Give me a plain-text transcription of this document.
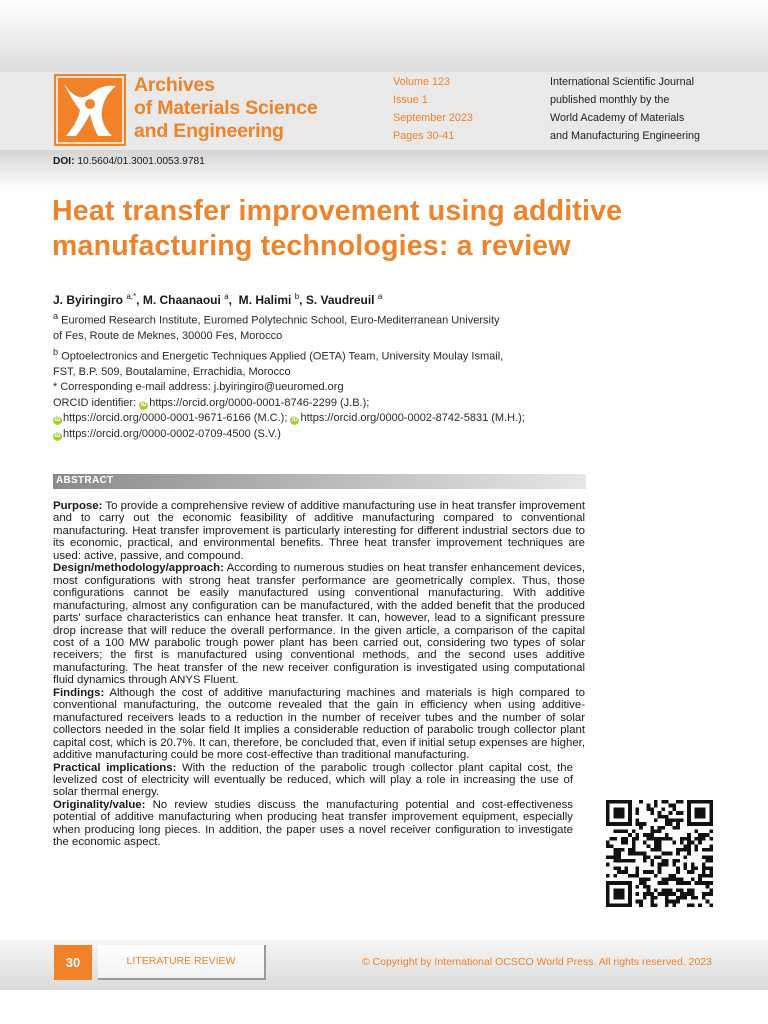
Archives
of Materials Science
and Engineering
Volume 123
Issue 1
September 2023
Pages 30-41
International Scientific Journal
published monthly by the
World Academy of Materials
and Manufacturing Engineering
DOI: 10.5604/01.3001.0053.9781
Heat transfer improvement using additive
manufacturing technologies: a review
J. Byiringiro $^{a,*}$, M. Chaanaoui $^a$,  M. Halimi $^b$, S. Vaudreuil $^a$
$^a$ Euromed Research Institute, Euromed Polytechnic School, Euro-Mediterranean University
of Fes, Route de Meknes, 30000 Fes, Morocco
$^b$ Optoelectronics and Energetic Techniques Applied (OETA) Team, University Moulay Ismail,
FST, B.P. 509, Boutalamine, Errachidia, Morocco
* Corresponding e-mail address: j.byiringiro@ueuromed.org
ORCID identifier: iD https://orcid.org/0000-0001-8746-2299 (J.B.);
iD https://orcid.org/0000-0001-9671-6166 (M.C.); iD https://orcid.org/0000-0002-8742-5831 (M.H.);
iD https://orcid.org/0000-0002-0709-4500 (S.V.)
ABSTRACT

Purpose: To provide a comprehensive review of additive manufacturing use in heat transfer improvement and to carry out the economic feasibility of additive manufacturing compared to conventional manufacturing. Heat transfer improvement is particularly interesting for different industrial sectors due to its economic, practical, and environmental benefits. Three heat transfer improvement techniques are used: active, passive, and compound.

Design/methodology/approach: According to numerous studies on heat transfer enhancement devices, most configurations with strong heat transfer performance are geometrically complex. Thus, those configurations cannot be easily manufactured using conventional manufacturing. With additive manufacturing, almost any configuration can be manufactured, with the added benefit that the produced parts' surface characteristics can enhance heat transfer. It can, however, lead to a significant pressure drop increase that will reduce the overall performance. In the given article, a comparison of the capital cost of a 100 MW parabolic trough power plant has been carried out, considering two types of solar receivers; the first is manufactured using conventional methods, and the second uses additive manufacturing. The heat transfer of the new receiver configuration is investigated using computational fluid dynamics through ANYS Fluent.

Findings: Although the cost of additive manufacturing machines and materials is high compared to conventional manufacturing, the outcome revealed that the gain in efficiency when using additive-manufactured receivers leads to a reduction in the number of receiver tubes and the number of solar collectors needed in the solar field It implies a considerable reduction of parabolic trough collector plant capital cost, which is 20.7%. It can, therefore, be concluded that, even if initial setup expenses are higher, additive manufacturing could be more cost-effective than traditional manufacturing.

Practical implications: With the reduction of the parabolic trough collector plant capital cost, the levelized cost of electricity will eventually be reduced, which will play a role in increasing the use of solar thermal energy.

Originality/value: No review studies discuss the manufacturing potential and cost-effectiveness potential of additive manufacturing when producing heat transfer improvement equipment, especially when producing long pieces. In addition, the paper uses a novel receiver configuration to investigate the economic aspect.

30	LITERATURE REVIEW	© Copyright by International OCSCO World Press. All rights reserved. 2023
